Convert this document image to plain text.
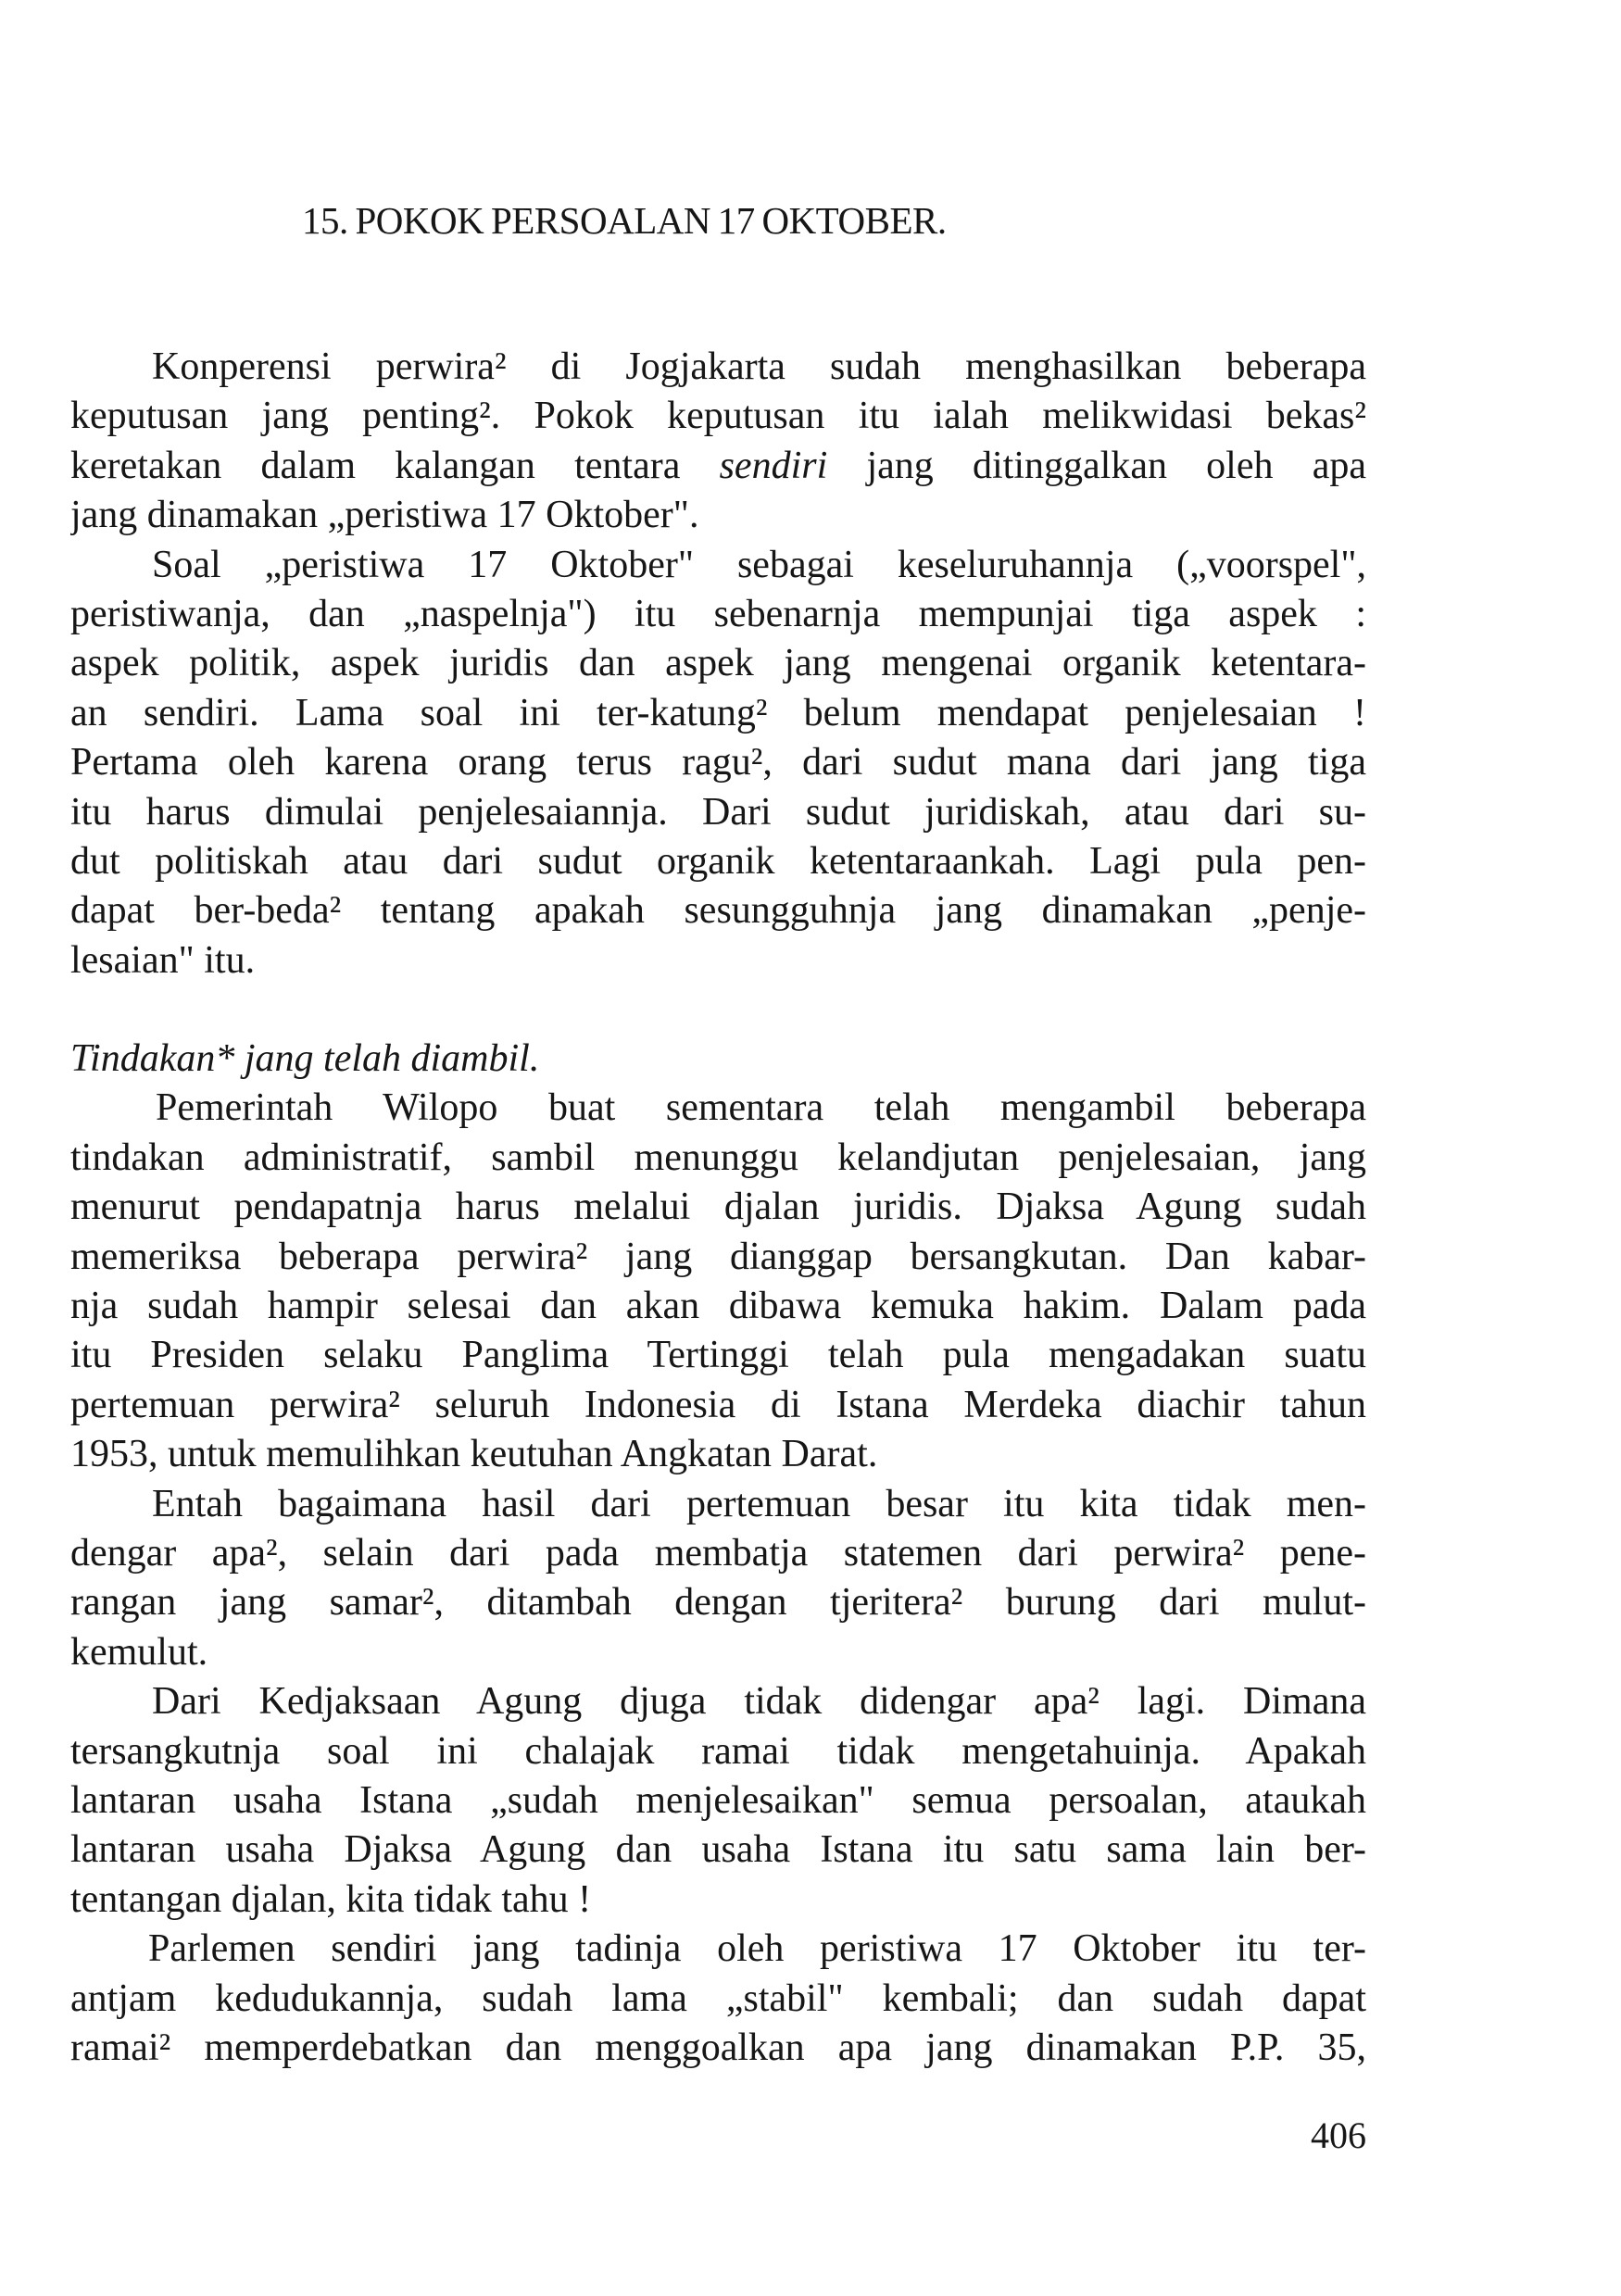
15. POKOK PERSOALAN 17 OKTOBER.
Konperensi perwira² di Jogjakarta sudah menghasilkan beberapa
keputusan jang penting². Pokok keputusan itu ialah melikwidasi bekas²
keretakan dalam kalangan tentara sendiri jang ditinggalkan oleh apa
jang dinamakan „peristiwa 17 Oktober".
Soal „peristiwa 17 Oktober" sebagai keseluruhannja („voorspel",
peristiwanja, dan „naspelnja") itu sebenarnja mempunjai tiga aspek :
aspek politik, aspek juridis dan aspek jang mengenai organik ketentara-
an sendiri. Lama soal ini ter-katung² belum mendapat penjelesaian !
Pertama oleh karena orang terus ragu², dari sudut mana dari jang tiga
itu harus dimulai penjelesaiannja. Dari sudut juridiskah, atau dari su-
dut politiskah atau dari sudut organik ketentaraankah. Lagi pula pen-
dapat ber-beda² tentang apakah sesungguhnja jang dinamakan „penje-
lesaian" itu.
Tindakan* jang telah diambil.
Pemerintah Wilopo buat sementara telah mengambil beberapa
tindakan administratif, sambil menunggu kelandjutan penjelesaian, jang
menurut pendapatnja harus melalui djalan juridis. Djaksa Agung sudah
memeriksa beberapa perwira² jang dianggap bersangkutan. Dan kabar-
nja sudah hampir selesai dan akan dibawa kemuka hakim. Dalam pada
itu Presiden selaku Panglima Tertinggi telah pula mengadakan suatu
pertemuan perwira² seluruh Indonesia di Istana Merdeka diachir tahun
1953, untuk memulihkan keutuhan Angkatan Darat.
Entah bagaimana hasil dari pertemuan besar itu kita tidak men-
dengar apa², selain dari pada membatja statemen dari perwira² pene-
rangan jang samar², ditambah dengan tjeritera² burung dari mulut-
kemulut.
Dari Kedjaksaan Agung djuga tidak didengar apa² lagi. Dimana
tersangkutnja soal ini chalajak ramai tidak mengetahuinja. Apakah
lantaran usaha Istana „sudah menjelesaikan" semua persoalan, ataukah
lantaran usaha Djaksa Agung dan usaha Istana itu satu sama lain ber-
tentangan djalan, kita tidak tahu !
Parlemen sendiri jang tadinja oleh peristiwa 17 Oktober itu ter-
antjam kedudukannja, sudah lama „stabil" kembali; dan sudah dapat
ramai² memperdebatkan dan menggoalkan apa jang dinamakan P.P. 35,
406
